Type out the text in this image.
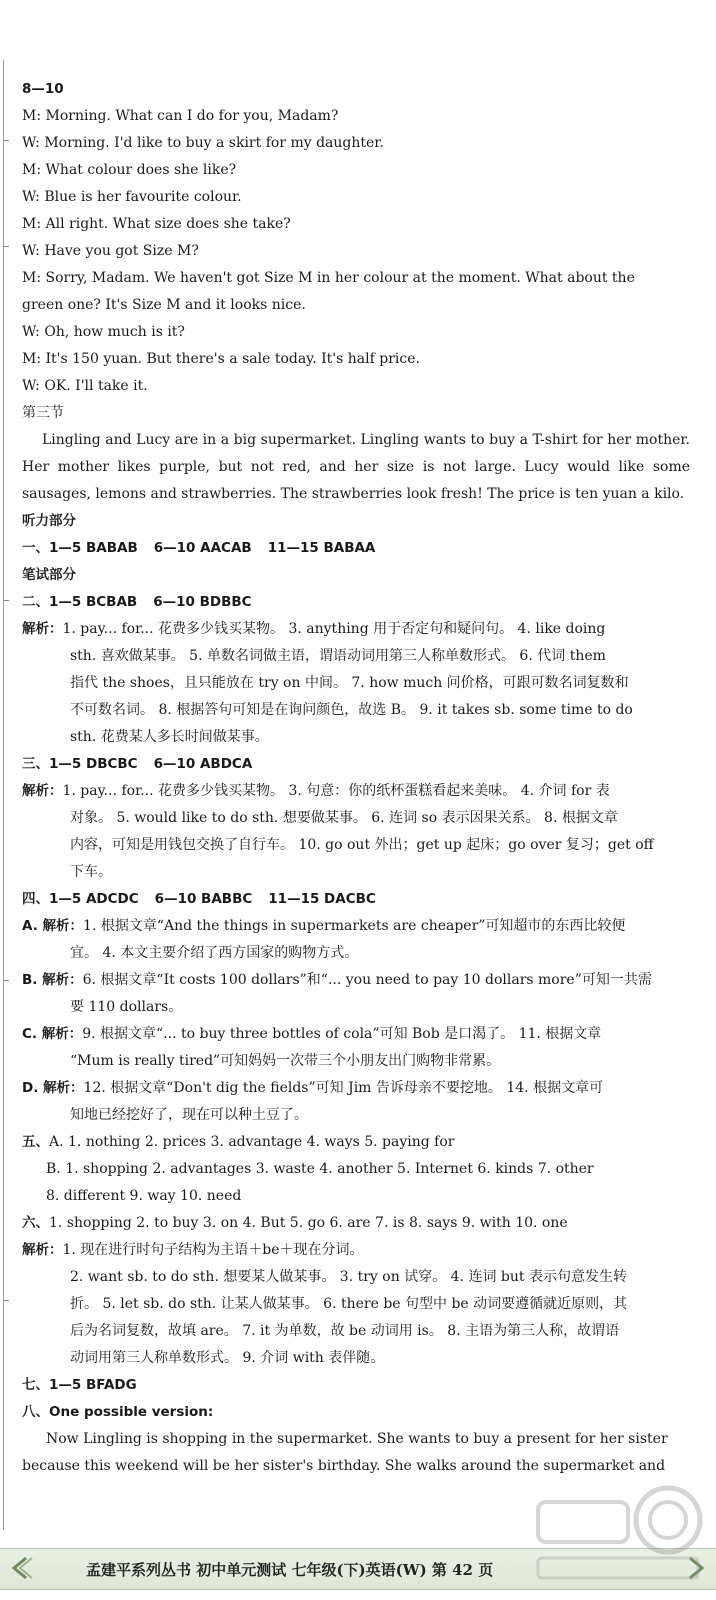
8—10
M: Morning. What can I do for you, Madam?
W: Morning. I'd like to buy a skirt for my daughter.
M: What colour does she like?
W: Blue is her favourite colour.
M: All right. What size does she take?
W: Have you got Size M?
M: Sorry, Madam. We haven't got Size M in her colour at the moment. What about the
green one? It's Size M and it looks nice.
W: Oh, how much is it?
M: It's 150 yuan. But there's a sale today. It's half price.
W: OK. I'll take it.
第三节
Lingling and Lucy are in a big supermarket. Lingling wants to buy a T-shirt for her mother. Her mother likes purple, but not red, and her size is not large. Lucy would like some sausages, lemons and strawberries. The strawberries look fresh! The price is ten yuan a kilo.
听力部分
一、1—5 BABAB 6—10 AACAB 11—15 BABAA
笔试部分
二、1—5 BCBAB 6—10 BDBBC
解析：1. pay... for... 花费多少钱买某物。 3. anything 用于否定句和疑问句。 4. like doing
sth. 喜欢做某事。 5. 单数名词做主语，谓语动词用第三人称单数形式。 6. 代词 them
指代 the shoes，且只能放在 try on 中间。 7. how much 问价格，可跟可数名词复数和
不可数名词。 8. 根据答句可知是在询问颜色，故选 B。 9. it takes sb. some time to do
sth. 花费某人多长时间做某事。
三、1—5 DBCBC 6—10 ABDCA
解析：1. pay... for... 花费多少钱买某物。 3. 句意：你的纸杯蛋糕看起来美味。 4. 介词 for 表
对象。 5. would like to do sth. 想要做某事。 6. 连词 so 表示因果关系。 8. 根据文章
内容，可知是用钱包交换了自行车。 10. go out 外出；get up 起床；go over 复习；get off
下车。
四、1—5 ADCDC 6—10 BABBC 11—15 DACBC
A. 解析：1. 根据文章“And the things in supermarkets are cheaper”可知超市的东西比较便
宜。 4. 本文主要介绍了西方国家的购物方式。
B. 解析：6. 根据文章“It costs 100 dollars”和“... you need to pay 10 dollars more”可知一共需
要 110 dollars。
C. 解析：9. 根据文章“... to buy three bottles of cola”可知 Bob 是口渴了。 11. 根据文章
“Mum is really tired”可知妈妈一次带三个小朋友出门购物非常累。
D. 解析：12. 根据文章“Don't dig the fields”可知 Jim 告诉母亲不要挖地。 14. 根据文章可
知地已经挖好了，现在可以种土豆了。
五、A. 1. nothing 2. prices 3. advantage 4. ways 5. paying for
B. 1. shopping 2. advantages 3. waste 4. another 5. Internet 6. kinds 7. other
8. different 9. way 10. need
六、1. shopping 2. to buy 3. on 4. But 5. go 6. are 7. is 8. says 9. with 10. one
解析：1. 现在进行时句子结构为主语＋be＋现在分词。
2. want sb. to do sth. 想要某人做某事。 3. try on 试穿。 4. 连词 but 表示句意发生转
折。 5. let sb. do sth. 让某人做某事。 6. there be 句型中 be 动词要遵循就近原则，其
后为名词复数，故填 are。 7. it 为单数，故 be 动词用 is。 8. 主语为第三人称，故谓语
动词用第三人称单数形式。 9. 介词 with 表伴随。
七、1—5 BFADG
八、One possible version:
Now Lingling is shopping in the supermarket. She wants to buy a present for her sister
because this weekend will be her sister's birthday. She walks around the supermarket and
孟建平系列丛书 初中单元测试 七年级(下)英语(W) 第 42 页
